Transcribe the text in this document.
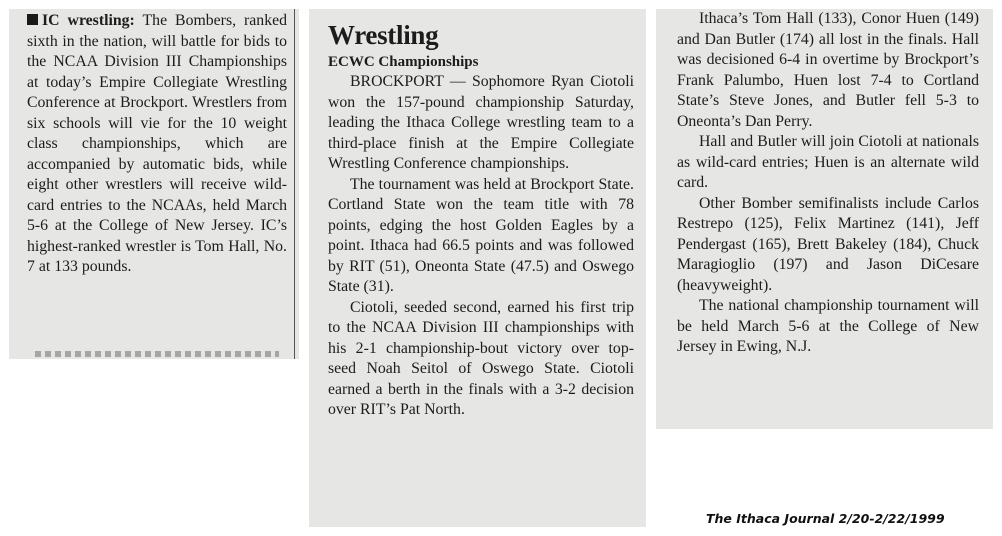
IC wrestling: The Bombers, ranked sixth in the nation, will battle for bids to the NCAA Division III Championships at today’s Empire Collegiate Wrestling Conference at Brockport. Wrestlers from six schools will vie for the 10 weight class championships, which are accompanied by automatic bids, while eight other wrestlers will receive wild-card entries to the NCAAs, held March 5-6 at the College of New Jersey. IC’s highest-ranked wrestler is Tom Hall, No. 7 at 133 pounds.

Wrestling
ECWC Championships

BROCKPORT — Sophomore Ryan Ciotoli won the 157-pound championship Saturday, leading the Ithaca College wrestling team to a third-place finish at the Empire Collegiate Wrestling Conference championships.

The tournament was held at Brockport State. Cortland State won the team title with 78 points, edging the host Golden Eagles by a point. Ithaca had 66.5 points and was followed by RIT (51), Oneonta State (47.5) and Oswego State (31).

Ciotoli, seeded second, earned his first trip to the NCAA Division III championships with his 2-1 championship-bout victory over top-seed Noah Seitol of Oswego State. Ciotoli earned a berth in the finals with a 3-2 decision over RIT’s Pat North.

Ithaca’s Tom Hall (133), Conor Huen (149) and Dan Butler (174) all lost in the finals. Hall was decisioned 6-4 in overtime by Brockport’s Frank Palumbo, Huen lost 7-4 to Cortland State’s Steve Jones, and Butler fell 5-3 to Oneonta’s Dan Perry.

Hall and Butler will join Ciotoli at nationals as wild-card entries; Huen is an alternate wild card.

Other Bomber semifinalists include Carlos Restrepo (125), Felix Martinez (141), Jeff Pendergast (165), Brett Bakeley (184), Chuck Maragioglio (197) and Jason DiCesare (heavyweight).

The national championship tournament will be held March 5-6 at the College of New Jersey in Ewing, N.J.

The Ithaca Journal 2/20-2/22/1999
